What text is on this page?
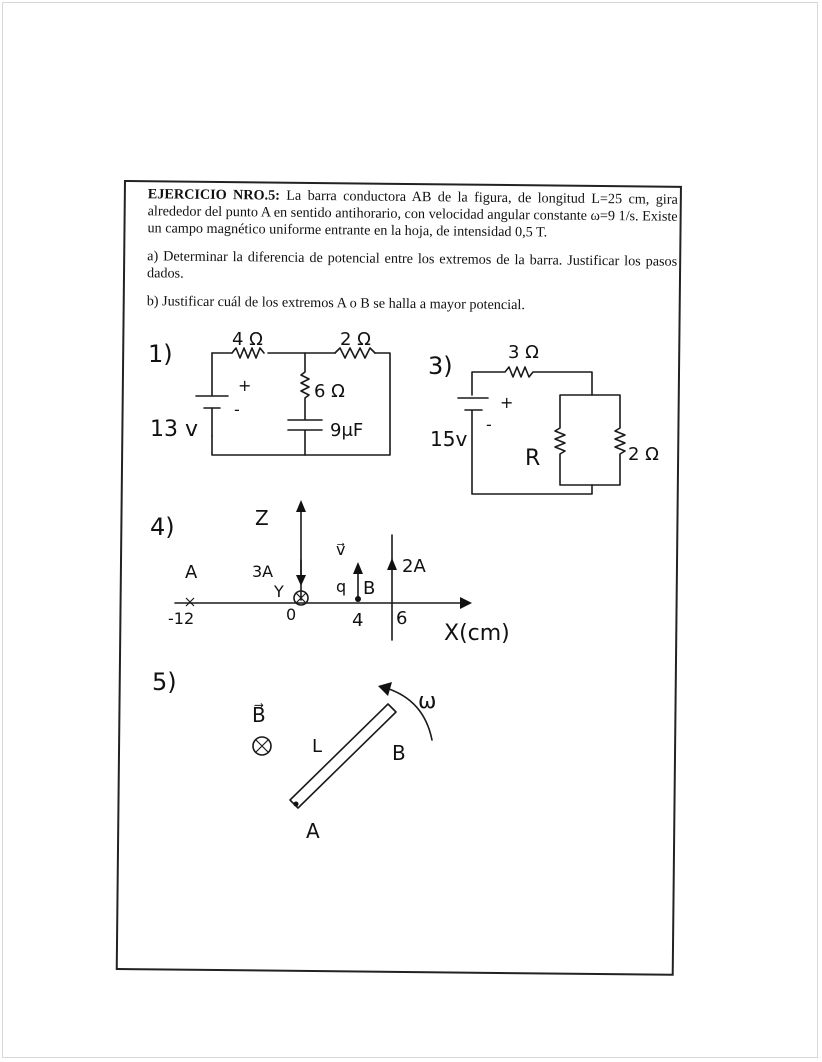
EJERCICIO NRO.5: La barra conductora AB de la figura, de longitud L=25 cm, gira alrededor del punto A en sentido antihorario, con velocidad angular constante ω=9 1/s. Existe un campo magnético uniforme entrante en la hoja, de intensidad 0,5 T.

a) Determinar la diferencia de potencial entre los extremos de la barra. Justificar los pasos dados.

b) Justificar cuál de los extremos A o B se halla a mayor potencial.

1)
4 Ω	2 Ω
+
-
13 v
6 Ω
9μF
3)	3 Ω
+
-
15v
R	2 Ω
4)	Z
X(cm)
3A
Y
0
v⃗
q B
4
2A
6
A
-12
5)
B⃗
L	B
A
ω
